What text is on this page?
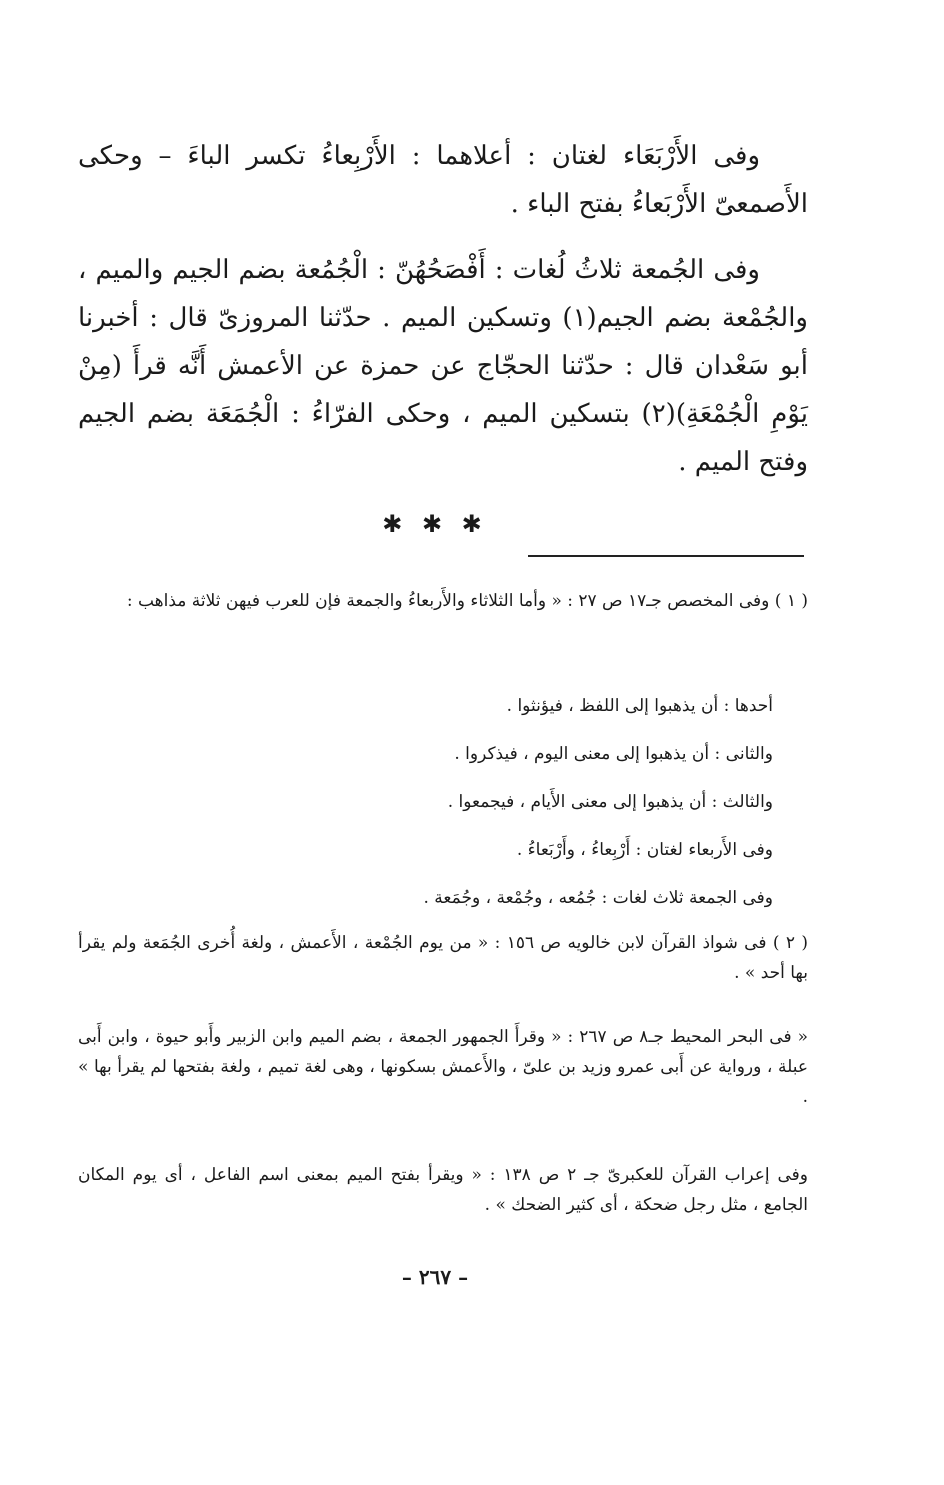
وفى الأَرْبَعَاء لغتان : أعلاهما : الأَرْبِعاءُ تكسر الباءَ – وحكى الأَصمعىّ الأَرْبَعاءُ بفتح الباء .

وفى الجُمعة ثلاثُ لُغات : أَفْصَحُهُنّ : الْجُمُعة بضم الجيم والميم ، والجُمْعة بضم الجيم(١) وتسكين الميم . حدّثنا المروزىّ قال : أخبرنا أبو سَعْدان قال : حدّثنا الحجّاج عن حمزة عن الأعمش أَنَّه قرأَ (مِنْ يَوْمِ الْجُمْعَةِ)(٢) بتسكين الميم ، وحكى الفرّاءُ : الْجُمَعَة بضم الجيم وفتح الميم .

✱ ✱ ✱

( ١ ) وفى المخصص جـ١٧ ص ٢٧ : « وأما الثلاثاء والأَربعاءُ والجمعة فإن للعرب فيهن ثلاثة مذاهب :

أحدها : أن يذهبوا إلى اللفظ ، فيؤنثوا .

والثانى : أن يذهبوا إلى معنى اليوم ، فيذكروا .

والثالث : أن يذهبوا إلى معنى الأَيام ، فيجمعوا .

وفى الأَربعاء لغتان : أَرْبِعاءُ ، وأَرْبَعاءُ .

وفى الجمعة ثلاث لغات : جُمُعه ، وجُمْعة ، وجُمَعة .

( ٢ ) فى شواذ القرآن لابن خالويه ص ١٥٦ : « من يوم الجُمْعة ، الأَعمش ، ولغة أُخرى الجُمَعة ولم يقرأ بها أحد » .

« فى البحر المحيط جـ٨ ص ٢٦٧ : « وقرأَ الجمهور الجمعة ، بضم الميم وابن الزبير وأَبو حيوة ، وابن أَبى عبلة ، ورواية عن أَبى عمرو وزيد بن علىّ ، والأَعمش بسكونها ، وهى لغة تميم ، ولغة بفتحها لم يقرأ بها » .

وفى إعراب القرآن للعكبرىّ جـ ٢ ص ١٣٨ : « ويقرأ بفتح الميم بمعنى اسم الفاعل ، أى يوم المكان الجامع ، مثل رجل ضحكة ، أى كثير الضحك » .

– ٢٦٧ –
